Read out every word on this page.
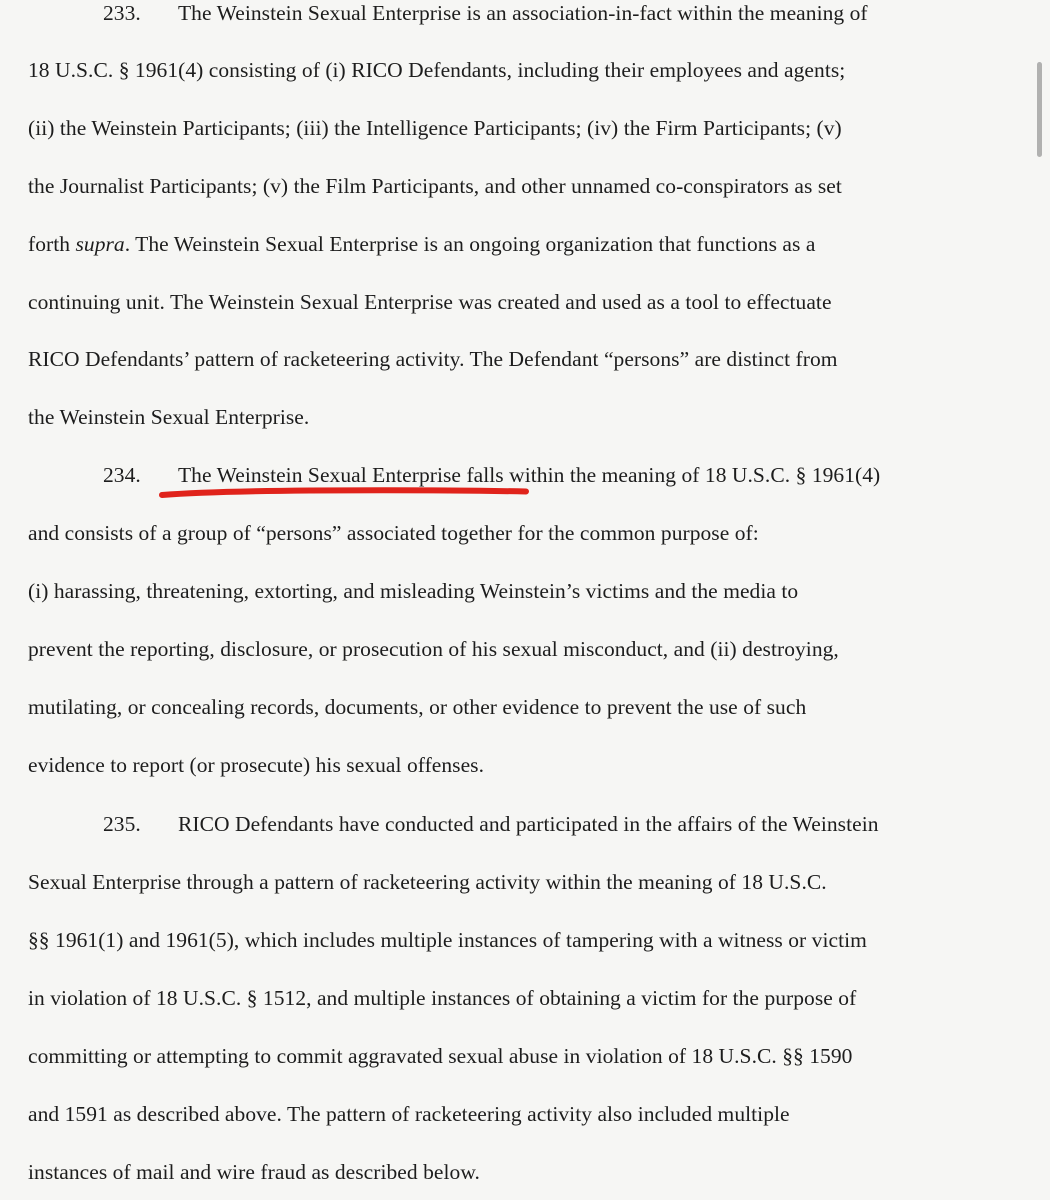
233. The Weinstein Sexual Enterprise is an association-in-fact within the meaning of
18 U.S.C. § 1961(4) consisting of (i) RICO Defendants, including their employees and agents;
(ii) the Weinstein Participants; (iii) the Intelligence Participants; (iv) the Firm Participants; (v)
the Journalist Participants; (v) the Film Participants, and other unnamed co-conspirators as set
forth supra. The Weinstein Sexual Enterprise is an ongoing organization that functions as a
continuing unit. The Weinstein Sexual Enterprise was created and used as a tool to effectuate
RICO Defendants’ pattern of racketeering activity. The Defendant “persons” are distinct from
the Weinstein Sexual Enterprise.
234. The Weinstein Sexual Enterprise falls within the meaning of 18 U.S.C. § 1961(4)
and consists of a group of “persons” associated together for the common purpose of:
(i) harassing, threatening, extorting, and misleading Weinstein’s victims and the media to
prevent the reporting, disclosure, or prosecution of his sexual misconduct, and (ii) destroying,
mutilating, or concealing records, documents, or other evidence to prevent the use of such
evidence to report (or prosecute) his sexual offenses.
235. RICO Defendants have conducted and participated in the affairs of the Weinstein
Sexual Enterprise through a pattern of racketeering activity within the meaning of 18 U.S.C.
§§ 1961(1) and 1961(5), which includes multiple instances of tampering with a witness or victim
in violation of 18 U.S.C. § 1512, and multiple instances of obtaining a victim for the purpose of
committing or attempting to commit aggravated sexual abuse in violation of 18 U.S.C. §§ 1590
and 1591 as described above. The pattern of racketeering activity also included multiple
instances of mail and wire fraud as described below.
